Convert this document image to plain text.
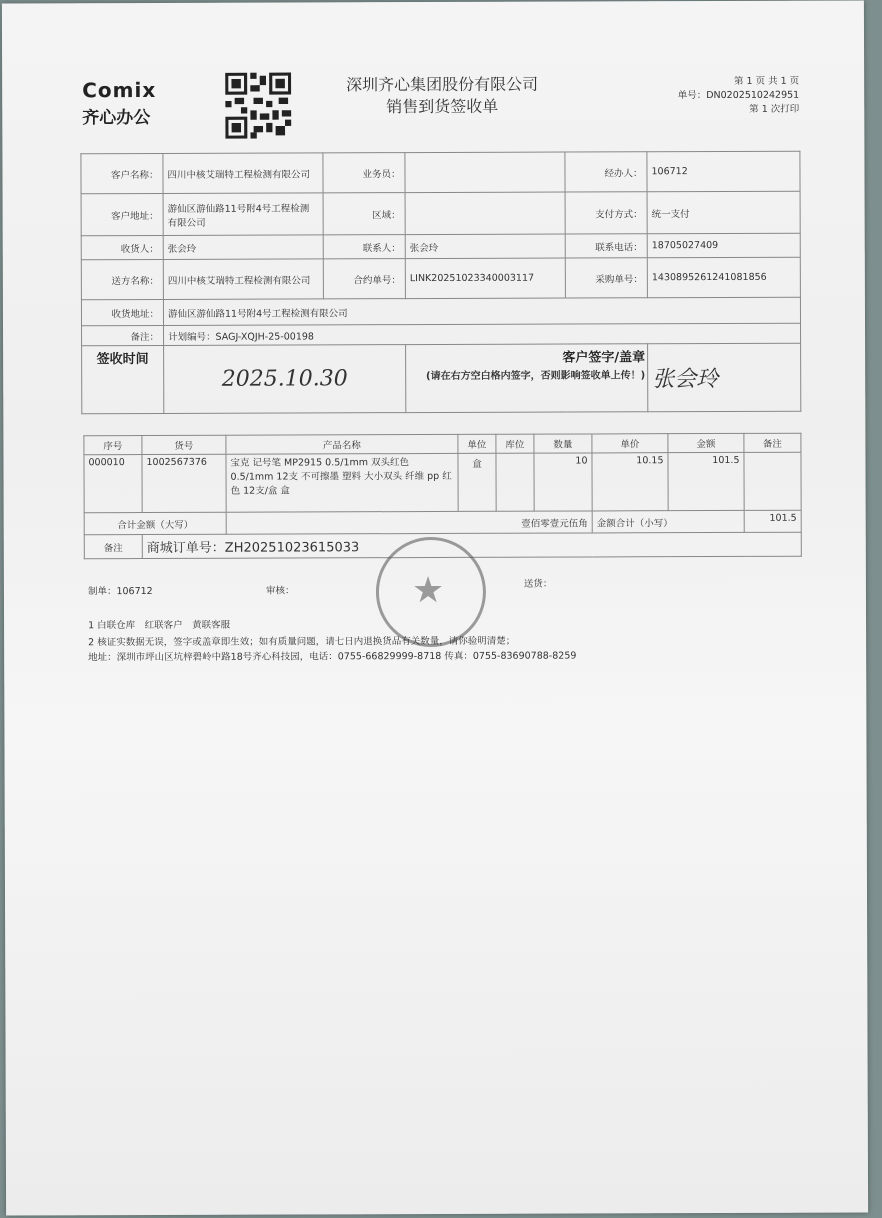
Comix
齐心办公
深圳齐心集团股份有限公司
销售到货签收单
第 1 页 共 1 页
单号：DN0202510242951
第 1 次打印
客户名称：	四川中核艾瑞特工程检测有限公司	业务员：		经办人：	106712
客户地址：	游仙区游仙路11号附4号工程检测有限公司	区域：		支付方式：	统一支付
收货人：	张会玲	联系人：	张会玲	联系电话：	18705027409
送方名称：	四川中核艾瑞特工程检测有限公司	合约单号：	LINK20251023340003117	采购单号：	1430895261241081856
收货地址：	游仙区游仙路11号附4号工程检测有限公司				
备注：	计划编号：SAGJ-XQJH-25-00198				
签收时间	2025.10.30		客户签字/盖章
(请在右方空白格内签字，否则影响签收单上传！)		张会玲
序号	货号	产品名称	单位	库位	数量	单价	金额	备注
000010	1002567376	宝克 记号笔 MP2915 0.5/1mm 双头红色 0.5/1mm 12支 不可擦墨 塑料 大小双头 纤维 pp 红色 12支/盒 盒	盒		10	10.15	101.5	
合计金额（大写）		壹佰零壹元伍角				金额合计（小写）		101.5
备注	商城订单号：ZH20251023615033							
制单：106712	审核：
送货：
★
1 白联仓库　红联客户　黄联客服
2 核证实数据无误，签字或盖章即生效；如有质量问题，请七日内退换货品有关数量，请你验明清楚；
地址：深圳市坪山区坑梓碧岭中路18号齐心科技园，电话：0755-66829999-8718 传真：0755-83690788-8259
